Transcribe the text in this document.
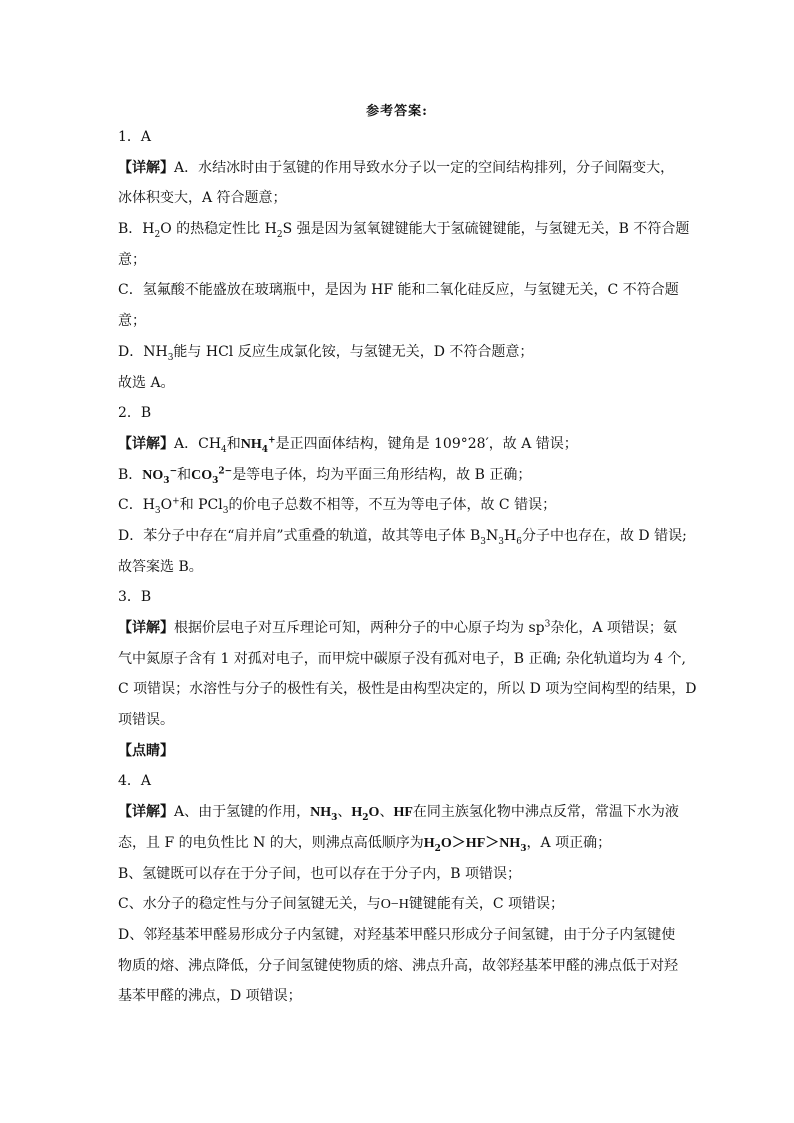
参考答案:
1．A
【详解】A．水结冰时由于氢键的作用导致水分子以一定的空间结构排列，分子间隔变大，
冰体积变大，A 符合题意；
B．$H_2O$ 的热稳定性比 $H_2S$ 强是因为氢氧键键能大于氢硫键键能，与氢键无关，B 不符合题
意；
C．氢氟酸不能盛放在玻璃瓶中，是因为 HF 能和二氧化硅反应，与氢键无关，C 不符合题
意；
D．$NH_3$能与 HCl 反应生成氯化铵，与氢键无关，D 不符合题意；
故选 A。
2．B
【详解】A．$CH_4$和$NH_4^+$是正四面体结构，键角是 109°28′，故 A 错误；
B．$NO_3^-$和$CO_3^{2-}$是等电子体，均为平面三角形结构，故 B 正确；
C．$H_3O^+$和 PCl$_3$的价电子总数不相等，不互为等电子体，故 C 错误；
D．苯分子中存在“肩并肩”式重叠的轨道，故其等电子体 $B_3N_3H_6$分子中也存在，故 D 错误;
故答案选 B。
3．B
【详解】根据价层电子对互斥理论可知，两种分子的中心原子均为 $sp^3$杂化，A 项错误；氨
气中氮原子含有 1 对孤对电子，而甲烷中碳原子没有孤对电子，B 正确; 杂化轨道均为 4 个,
C 项错误；水溶性与分子的极性有关，极性是由构型决定的，所以 D 项为空间构型的结果，D
项错误。
【点睛】
4．A
【详解】A、由于氢键的作用，$NH_3$、$H_2O$、HF在同主族氢化物中沸点反常，常温下水为液
态，且 F 的电负性比 N 的大，则沸点高低顺序为$H_2O>HF>NH_3$，A 项正确；
B、氢键既可以存在于分子间，也可以存在于分子内，B 项错误；
C、水分子的稳定性与分子间氢键无关，与O−H键键能有关，C 项错误；
D、邻羟基苯甲醛易形成分子内氢键，对羟基苯甲醛只形成分子间氢键，由于分子内氢键使
物质的熔、沸点降低，分子间氢键使物质的熔、沸点升高，故邻羟基苯甲醛的沸点低于对羟
基苯甲醛的沸点，D 项错误；
